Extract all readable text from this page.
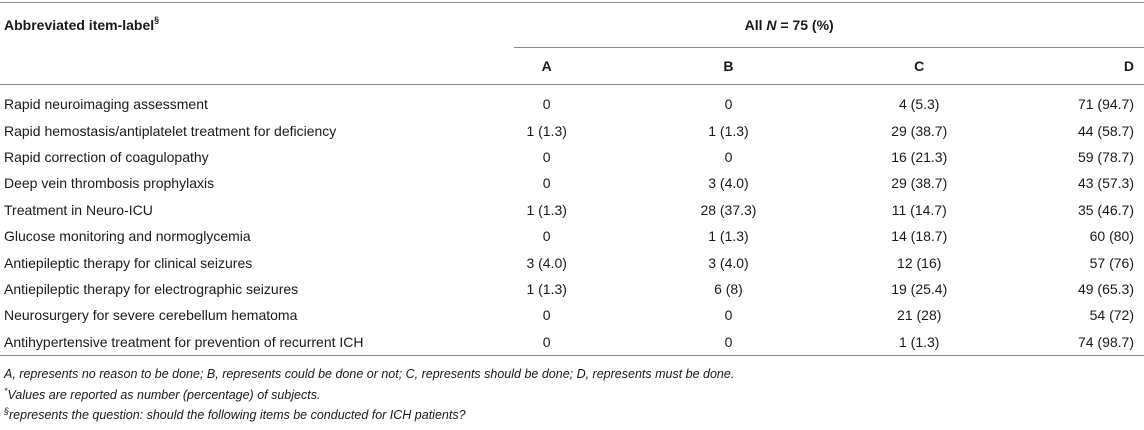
Abbreviated item-label§	All N = 75 (%)			
	A	B	C	D
Rapid neuroimaging assessment	0	0	4 (5.3)	71 (94.7)
Rapid hemostasis/antiplatelet treatment for deficiency	1 (1.3)	1 (1.3)	29 (38.7)	44 (58.7)
Rapid correction of coagulopathy	0	0	16 (21.3)	59 (78.7)
Deep vein thrombosis prophylaxis	0	3 (4.0)	29 (38.7)	43 (57.3)
Treatment in Neuro-ICU	1 (1.3)	28 (37.3)	11 (14.7)	35 (46.7)
Glucose monitoring and normoglycemia	0	1 (1.3)	14 (18.7)	60 (80)
Antiepileptic therapy for clinical seizures	3 (4.0)	3 (4.0)	12 (16)	57 (76)
Antiepileptic therapy for electrographic seizures	1 (1.3)	6 (8)	19 (25.4)	49 (65.3)
Neurosurgery for severe cerebellum hematoma	0	0	21 (28)	54 (72)
Antihypertensive treatment for prevention of recurrent ICH	0	0	1 (1.3)	74 (98.7)
A, represents no reason to be done; B, represents could be done or not; C, represents should be done; D, represents must be done.
*Values are reported as number (percentage) of subjects.
§represents the question: should the following items be conducted for ICH patients?
